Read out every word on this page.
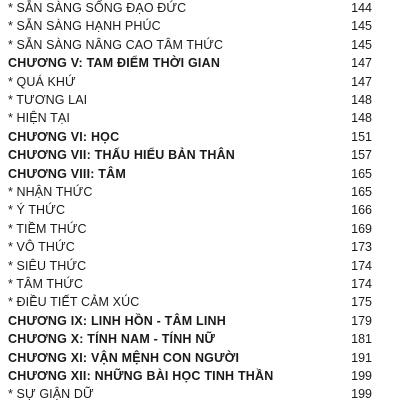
* SẴN SÀNG SỐNG ĐẠO ĐỨC	144
* SẴN SÀNG HẠNH PHÚC	145
* SẴN SÀNG NÂNG CAO TÂM THỨC	145
CHƯƠNG V: TAM ĐIỂM THỜI GIAN	147
* QUÁ KHỨ	147
* TƯƠNG LAI	148
* HIỆN TẠI	148
CHƯƠNG VI: HỌC	151
CHƯƠNG VII: THẤU HIỂU BẢN THÂN	157
CHƯƠNG VIII: TÂM	165
* NHẬN THỨC	165
* Ý THỨC	166
* TIỀM THỨC	169
* VÔ THỨC	173
* SIÊU THỨC	174
* TÂM THỨC	174
* ĐIỀU TIẾT CẢM XÚC	175
CHƯƠNG IX: LINH HỒN - TÂM LINH	179
CHƯƠNG X: TÍNH NAM - TÍNH NỮ	181
CHƯƠNG XI: VẬN MỆNH CON NGƯỜI	191
CHƯƠNG XII: NHỮNG BÀI HỌC TINH THẦN	199
* SỰ GIẬN DỮ	199
